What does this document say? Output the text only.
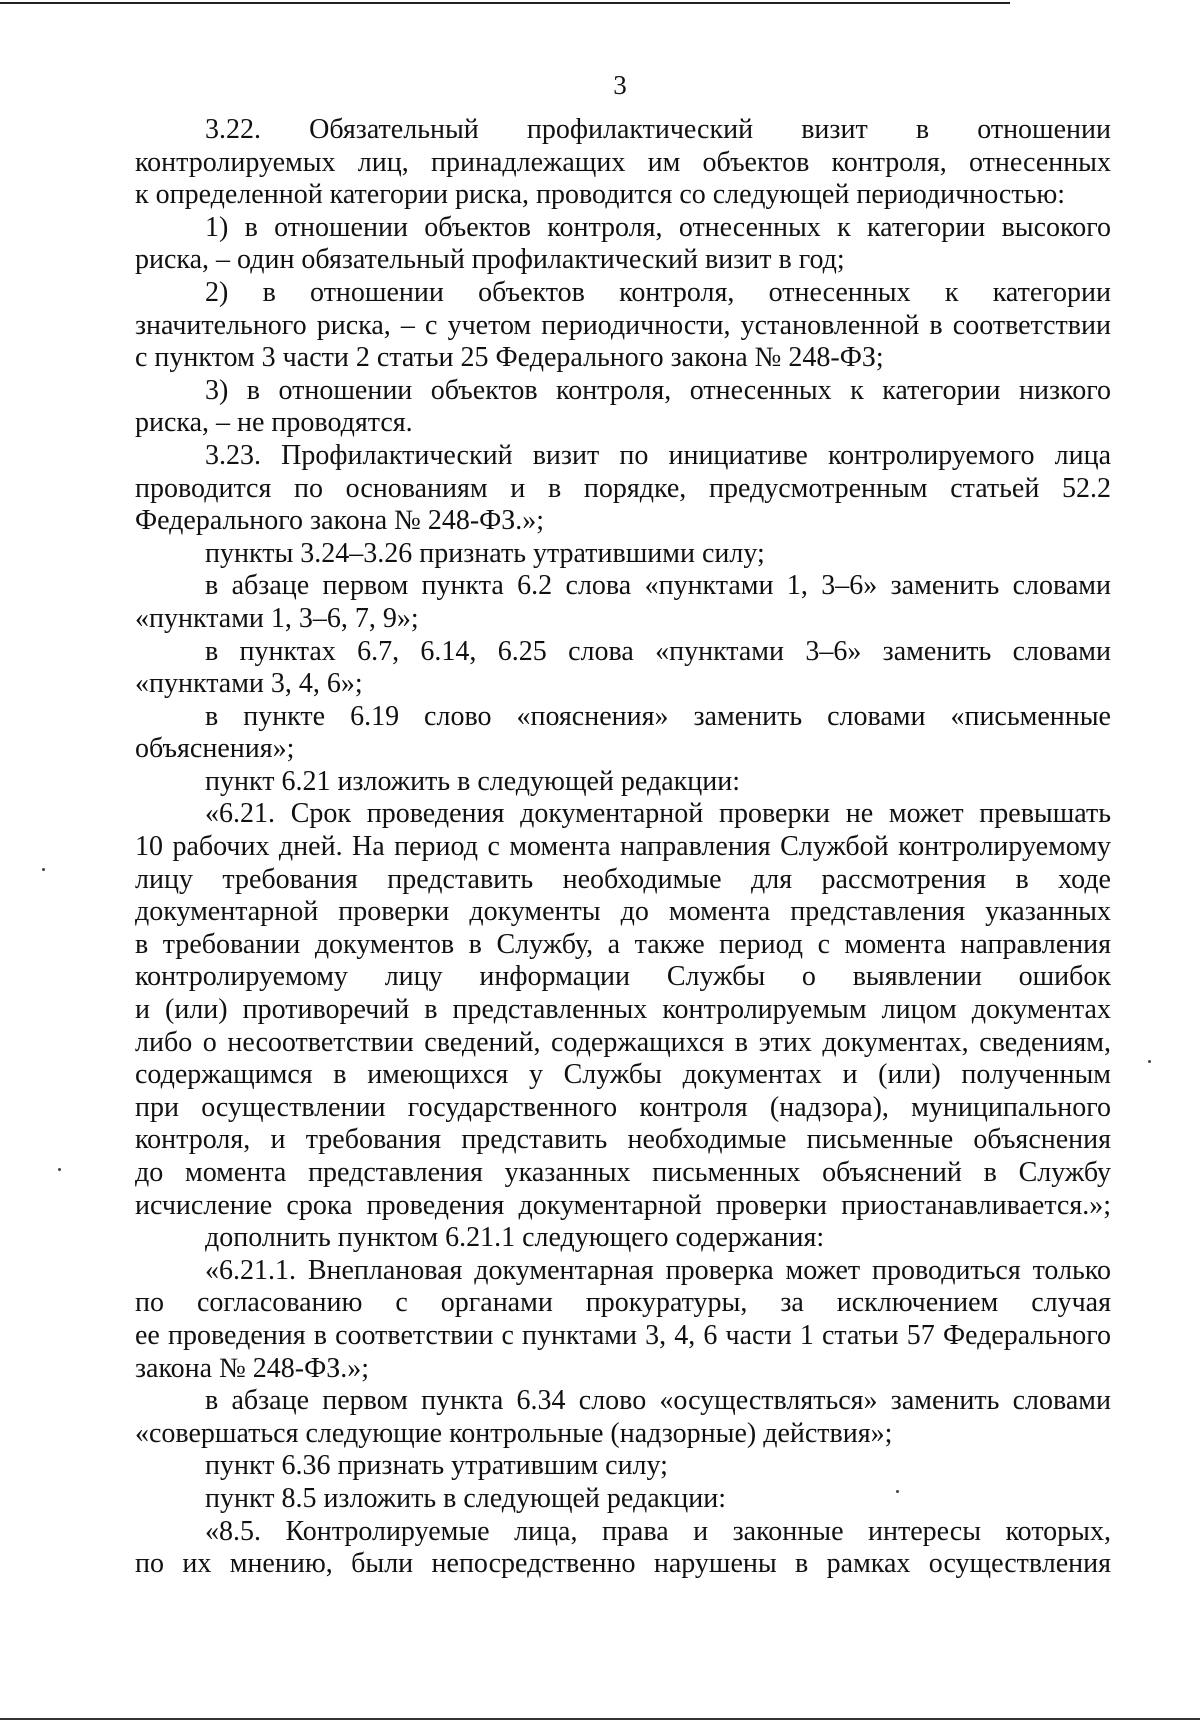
3
3.22. Обязательный профилактический визит в отношении
контролируемых лиц, принадлежащих им объектов контроля, отнесенных
к определенной категории риска, проводится со следующей периодичностью:
1) в отношении объектов контроля, отнесенных к категории высокого
риска, – один обязательный профилактический визит в год;
2) в отношении объектов контроля, отнесенных к категории
значительного риска, – с учетом периодичности, установленной в соответствии
с пунктом 3 части 2 статьи 25 Федерального закона № 248-ФЗ;
3) в отношении объектов контроля, отнесенных к категории низкого
риска, – не проводятся.
3.23. Профилактический визит по инициативе контролируемого лица
проводится по основаниям и в порядке, предусмотренным статьей 52.2
Федерального закона № 248-ФЗ.»;
пункты 3.24–3.26 признать утратившими силу;
в абзаце первом пункта 6.2 слова «пунктами 1, 3–6» заменить словами
«пунктами 1, 3–6, 7, 9»;
в пунктах 6.7, 6.14, 6.25 слова «пунктами 3–6» заменить словами
«пунктами 3, 4, 6»;
в пункте 6.19 слово «пояснения» заменить словами «письменные
объяснения»;
пункт 6.21 изложить в следующей редакции:
«6.21. Срок проведения документарной проверки не может превышать
10 рабочих дней. На период с момента направления Службой контролируемому
лицу требования представить необходимые для рассмотрения в ходе
документарной проверки документы до момента представления указанных
в требовании документов в Службу, а также период с момента направления
контролируемому лицу информации Службы о выявлении ошибок
и (или) противоречий в представленных контролируемым лицом документах
либо о несоответствии сведений, содержащихся в этих документах, сведениям,
содержащимся в имеющихся у Службы документах и (или) полученным
при осуществлении государственного контроля (надзора), муниципального
контроля, и требования представить необходимые письменные объяснения
до момента представления указанных письменных объяснений в Службу
исчисление срока проведения документарной проверки приостанавливается.»;
дополнить пунктом 6.21.1 следующего содержания:
«6.21.1. Внеплановая документарная проверка может проводиться только
по согласованию с органами прокуратуры, за исключением случая
ее проведения в соответствии с пунктами 3, 4, 6 части 1 статьи 57 Федерального
закона № 248-ФЗ.»;
в абзаце первом пункта 6.34 слово «осуществляться» заменить словами
«совершаться следующие контрольные (надзорные) действия»;
пункт 6.36 признать утратившим силу;
пункт 8.5 изложить в следующей редакции:
«8.5. Контролируемые лица, права и законные интересы которых,
по их мнению, были непосредственно нарушены в рамках осуществления
